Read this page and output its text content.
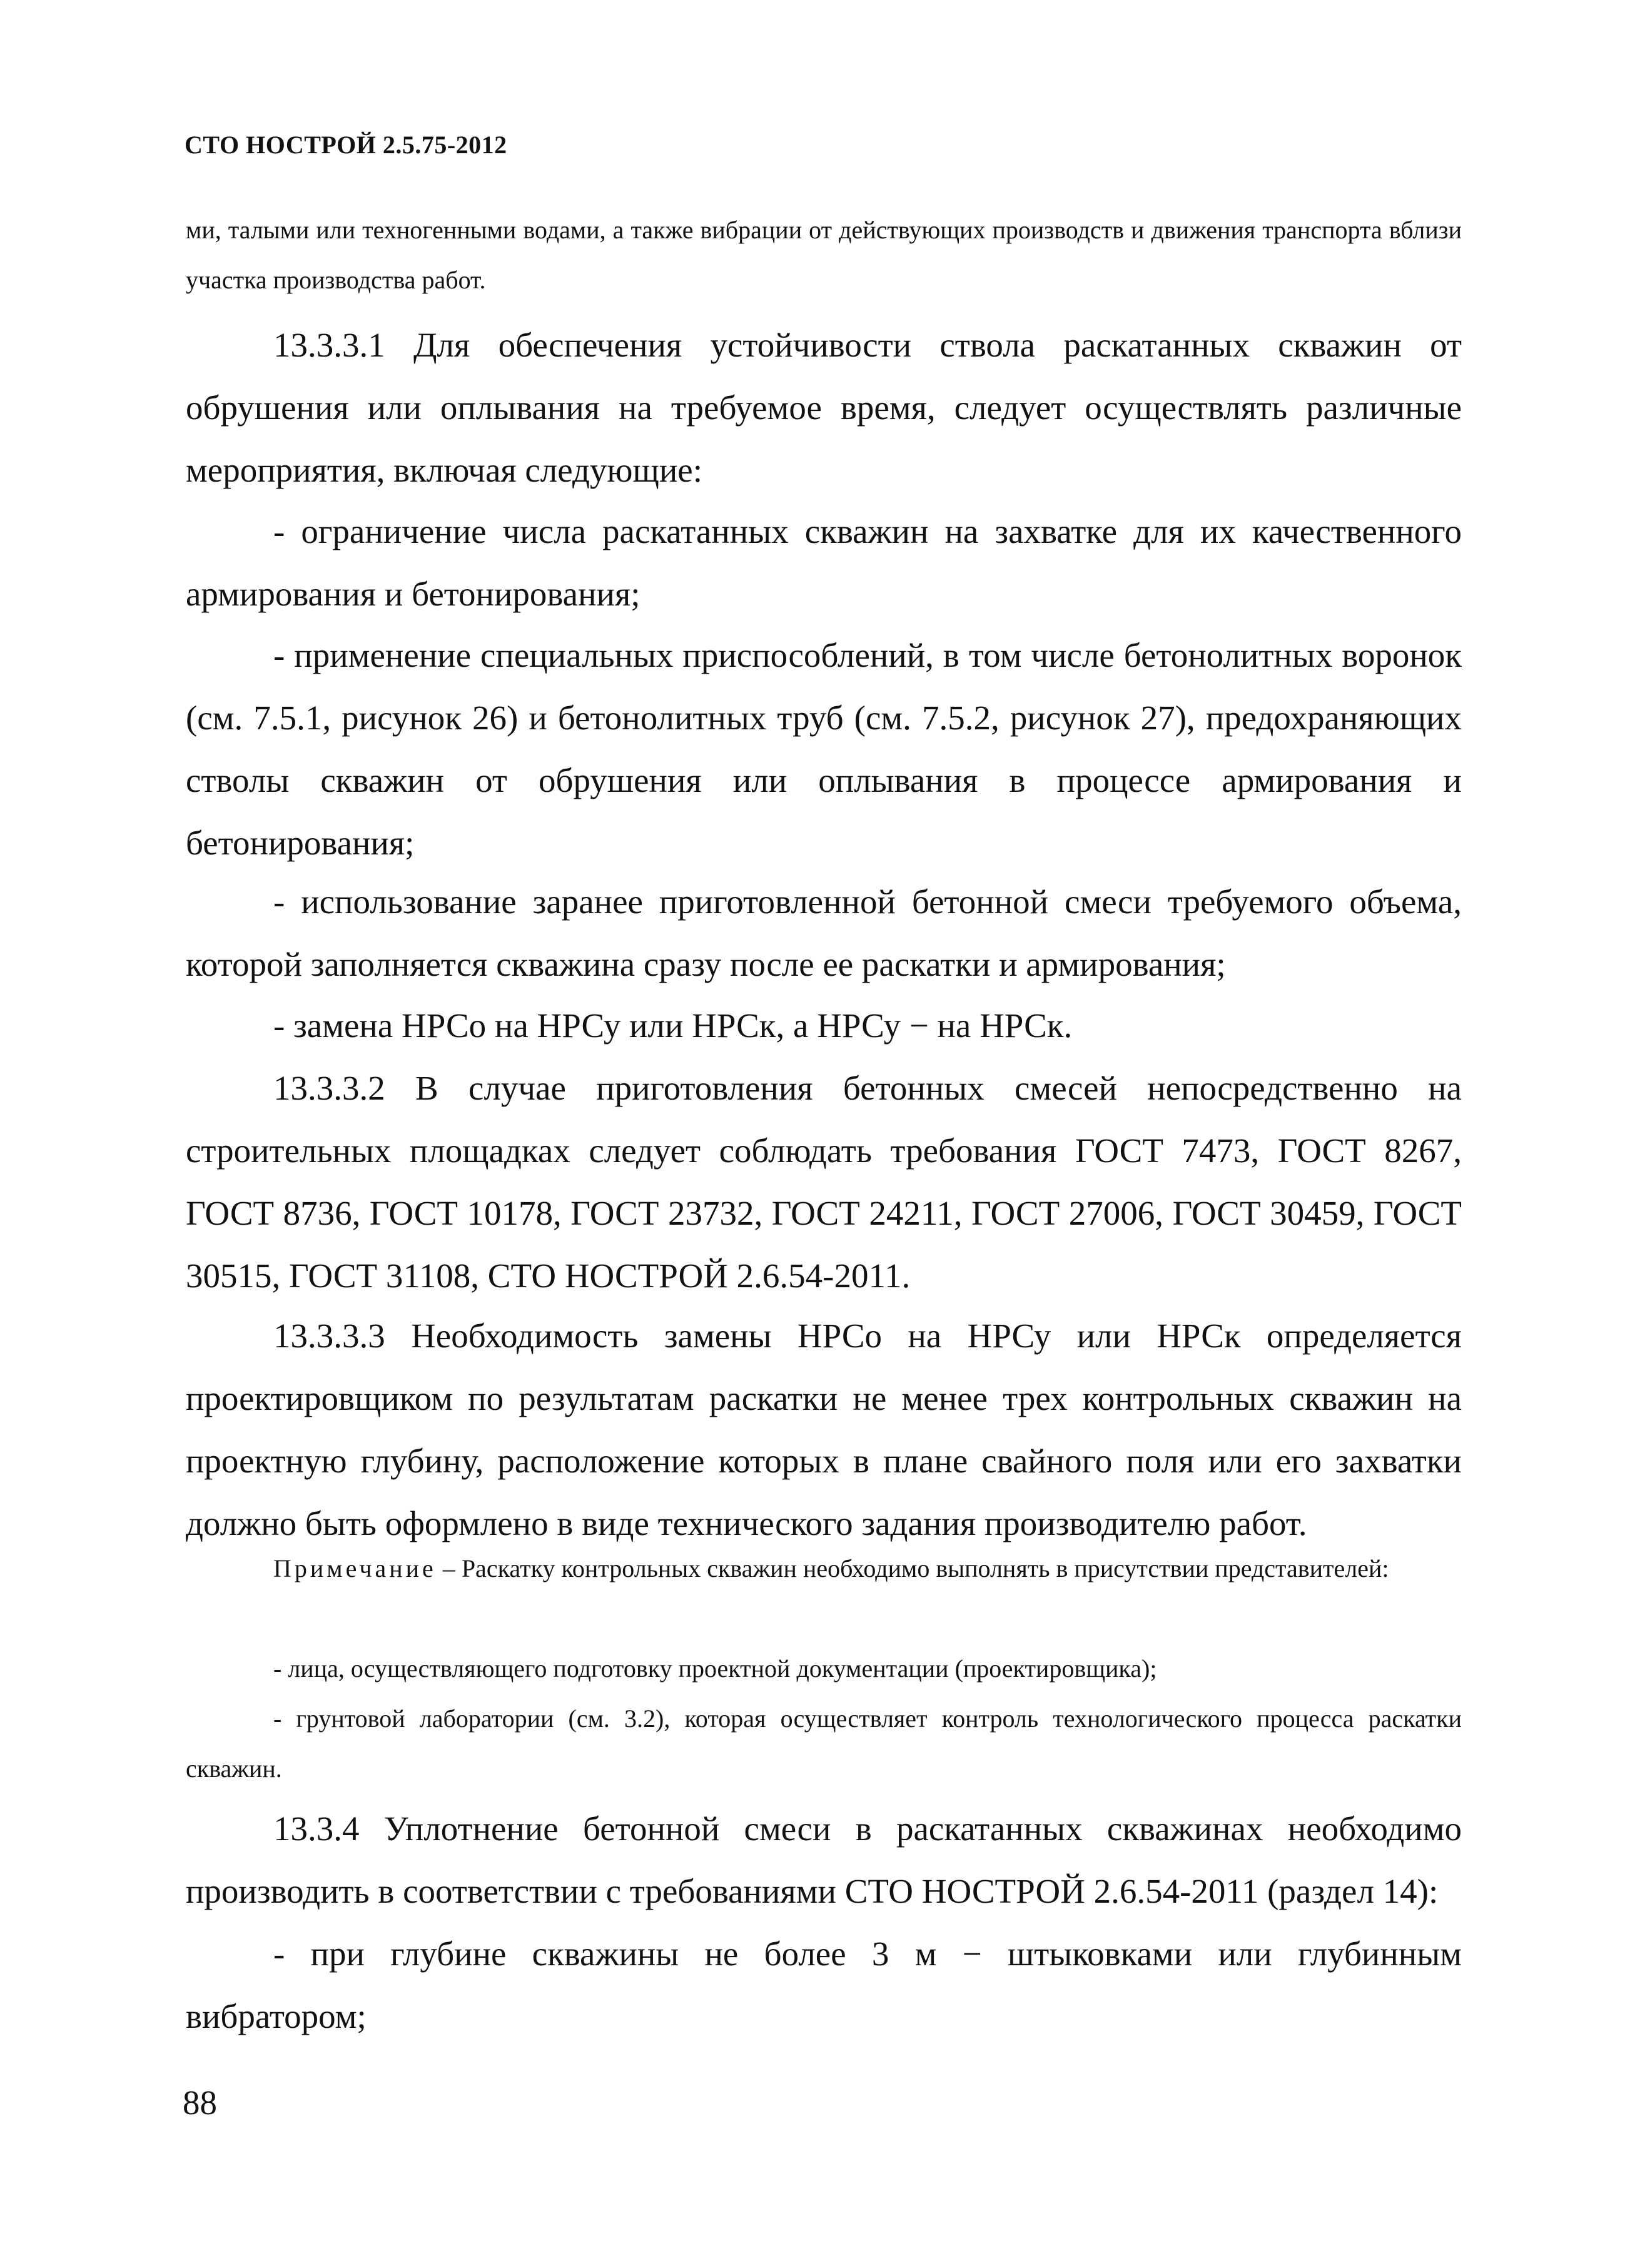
СТО НОСТРОЙ 2.5.75-2012

ми, талыми или техногенными водами, а также вибрации от действующих производств и движения транспорта вблизи участка производства работ.

13.3.3.1 Для обеспечения устойчивости ствола раскатанных скважин от обрушения или оплывания на требуемое время, следует осуществлять различные мероприятия, включая следующие:

- ограничение числа раскатанных скважин на захватке для их качественного армирования и бетонирования;

- применение специальных приспособлений, в том числе бетонолитных воронок (см. 7.5.1, рисунок 26) и бетонолитных труб (см. 7.5.2, рисунок 27), предохраняющих стволы скважин от обрушения или оплывания в процессе армирования и бетонирования;

- использование заранее приготовленной бетонной смеси требуемого объема, которой заполняется скважина сразу после ее раскатки и армирования;

- замена НРСо на НРСу или НРСк, а НРСу − на НРСк.

13.3.3.2 В случае приготовления бетонных смесей непосредственно на строительных площадках следует соблюдать требования ГОСТ 7473, ГОСТ 8267, ГОСТ 8736, ГОСТ 10178, ГОСТ 23732, ГОСТ 24211, ГОСТ 27006, ГОСТ 30459, ГОСТ 30515, ГОСТ 31108, СТО НОСТРОЙ 2.6.54-2011.

13.3.3.3 Необходимость замены НРСо на НРСу или НРСк определяется проектировщиком по результатам раскатки не менее трех контрольных скважин на проектную глубину, расположение которых в плане свайного поля или его захватки должно быть оформлено в виде технического задания производителю работ.

Примечание – Раскатку контрольных скважин необходимо выполнять в присутствии представителей:

- лица, осуществляющего подготовку проектной документации (проектировщика);

- грунтовой лаборатории (см. 3.2), которая осуществляет контроль технологического процесса раскатки скважин.

13.3.4 Уплотнение бетонной смеси в раскатанных скважинах необходимо производить в соответствии с требованиями СТО НОСТРОЙ 2.6.54-2011 (раздел 14):

- при глубине скважины не более 3 м − штыковками или глубинным вибратором;

88
